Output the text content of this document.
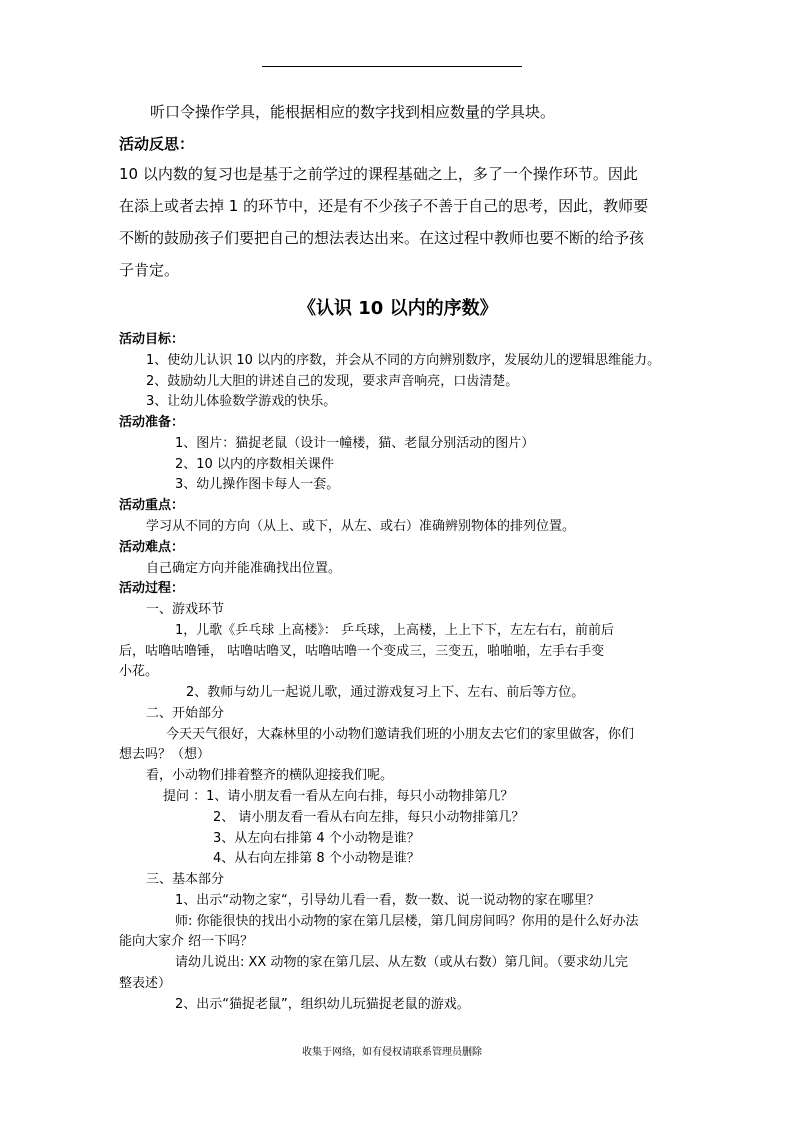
听口令操作学具，能根据相应的数字找到相应数量的学具块。
活动反思：
10 以内数的复习也是基于之前学过的课程基础之上，多了一个操作环节。因此
在添上或者去掉 1 的环节中，还是有不少孩子不善于自己的思考，因此，教师要
不断的鼓励孩子们要把自己的想法表达出来。在这过程中教师也要不断的给予孩
子肯定。
《认识 10 以内的序数》
活动目标：
1、使幼儿认识 10 以内的序数，并会从不同的方向辨别数序，发展幼儿的逻辑思维能力。
2、鼓励幼儿大胆的讲述自己的发现，要求声音响亮，口齿清楚。
3、让幼儿体验数学游戏的快乐。
活动准备：
1、图片：猫捉老鼠（设计一幢楼，猫、老鼠分别活动的图片）
2、10 以内的序数相关课件
3、幼儿操作图卡每人一套。
活动重点：
学习从不同的方向（从上、或下，从左、或右）准确辨别物体的排列位置。
活动难点：
自己确定方向并能准确找出位置。
活动过程：
一、游戏环节
1，儿歌《乒乓球 上高楼》： 乒乓球，上高楼，上上下下，左左右右，前前后
后，咕噜咕噜锤， 咕噜咕噜叉，咕噜咕噜一个变成三，三变五，啪啪啪，左手右手变
小花。
2、教师与幼儿一起说儿歌，通过游戏复习上下、左右、前后等方位。
二、开始部分
今天天气很好，大森林里的小动物们邀请我们班的小朋友去它们的家里做客，你们
想去吗？（想）
看，小动物们排着整齐的横队迎接我们呢。
提问 ：1、请小朋友看一看从左向右排，每只小动物排第几？
2、 请小朋友看一看从右向左排，每只小动物排第几？
3、从左向右排第 4 个小动物是谁？
4、从右向左排第 8 个小动物是谁？
三、基本部分
1、出示“动物之家“，引导幼儿看一看，数一数、说一说动物的家在哪里？
师: 你能很快的找出小动物的家在第几层楼，第几间房间吗？你用的是什么好办法
能向大家介 绍一下吗？
请幼儿说出: XX 动物的家在第几层、从左数（或从右数）第几间。（要求幼儿完
整表述）
2、出示“猫捉老鼠”，组织幼儿玩猫捉老鼠的游戏。
收集于网络，如有侵权请联系管理员删除
